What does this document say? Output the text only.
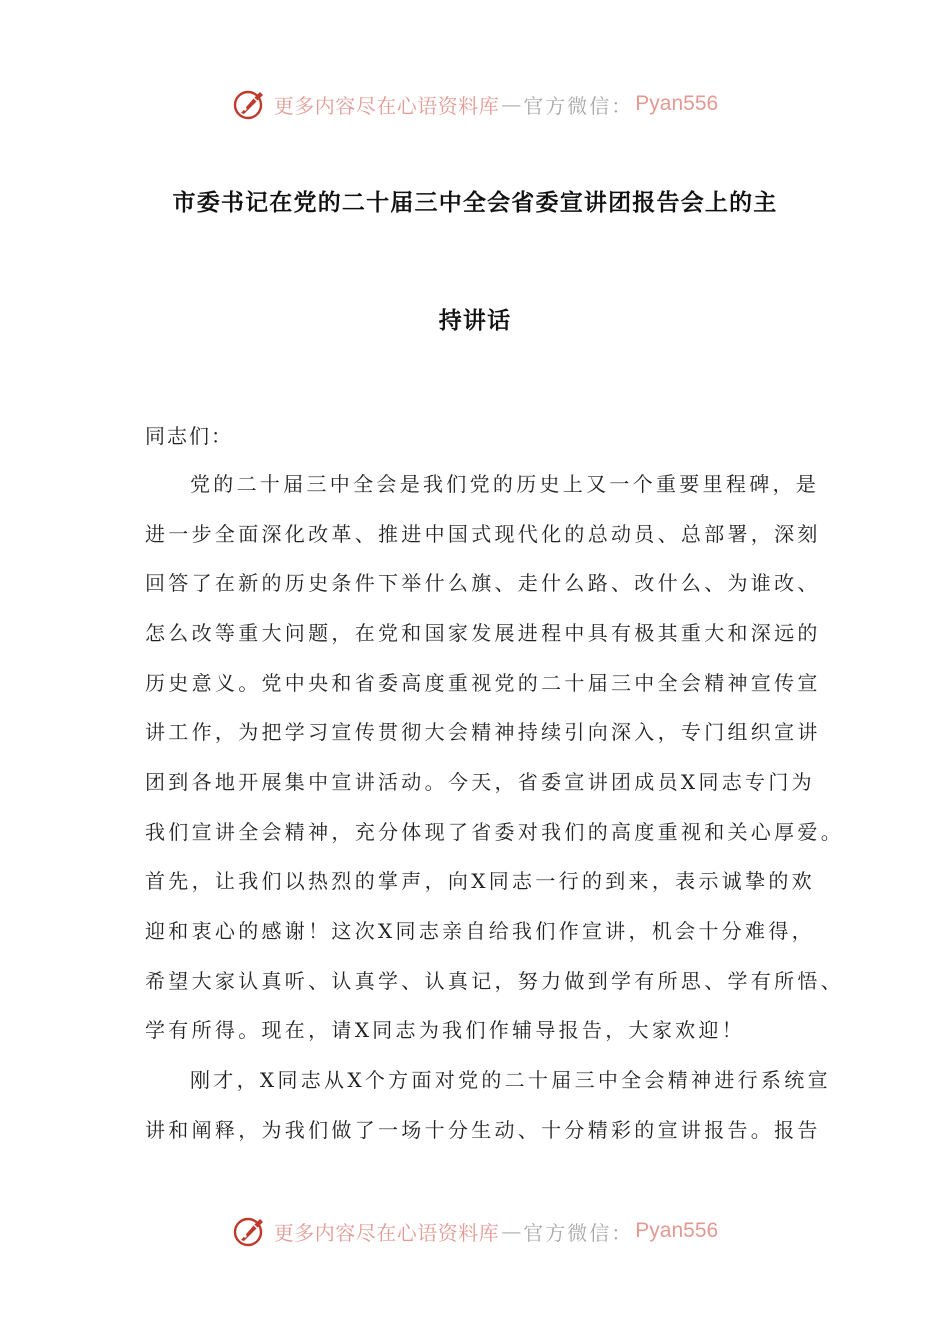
更多内容尽在心语资料库 — 官方微信： Pyan556
市委书记在党的二十届三中全会省委宣讲团报告会上的主
持讲话
同志们：
党的二十届三中全会是我们党的历史上又一个重要里程碑，是
进一步全面深化改革、推进中国式现代化的总动员、总部署，深刻
回答了在新的历史条件下举什么旗、走什么路、改什么、为谁改、
怎么改等重大问题，在党和国家发展进程中具有极其重大和深远的
历史意义。党中央和省委高度重视党的二十届三中全会精神宣传宣
讲工作，为把学习宣传贯彻大会精神持续引向深入，专门组织宣讲
团到各地开展集中宣讲活动。今天，省委宣讲团成员X同志专门为
我们宣讲全会精神，充分体现了省委对我们的高度重视和关心厚爱。
首先，让我们以热烈的掌声，向X同志一行的到来，表示诚挚的欢
迎和衷心的感谢！这次X同志亲自给我们作宣讲，机会十分难得，
希望大家认真听、认真学、认真记，努力做到学有所思、学有所悟、
学有所得。现在，请X同志为我们作辅导报告，大家欢迎！
刚才，X同志从X个方面对党的二十届三中全会精神进行系统宣
讲和阐释，为我们做了一场十分生动、十分精彩的宣讲报告。报告
更多内容尽在心语资料库 — 官方微信： Pyan556
